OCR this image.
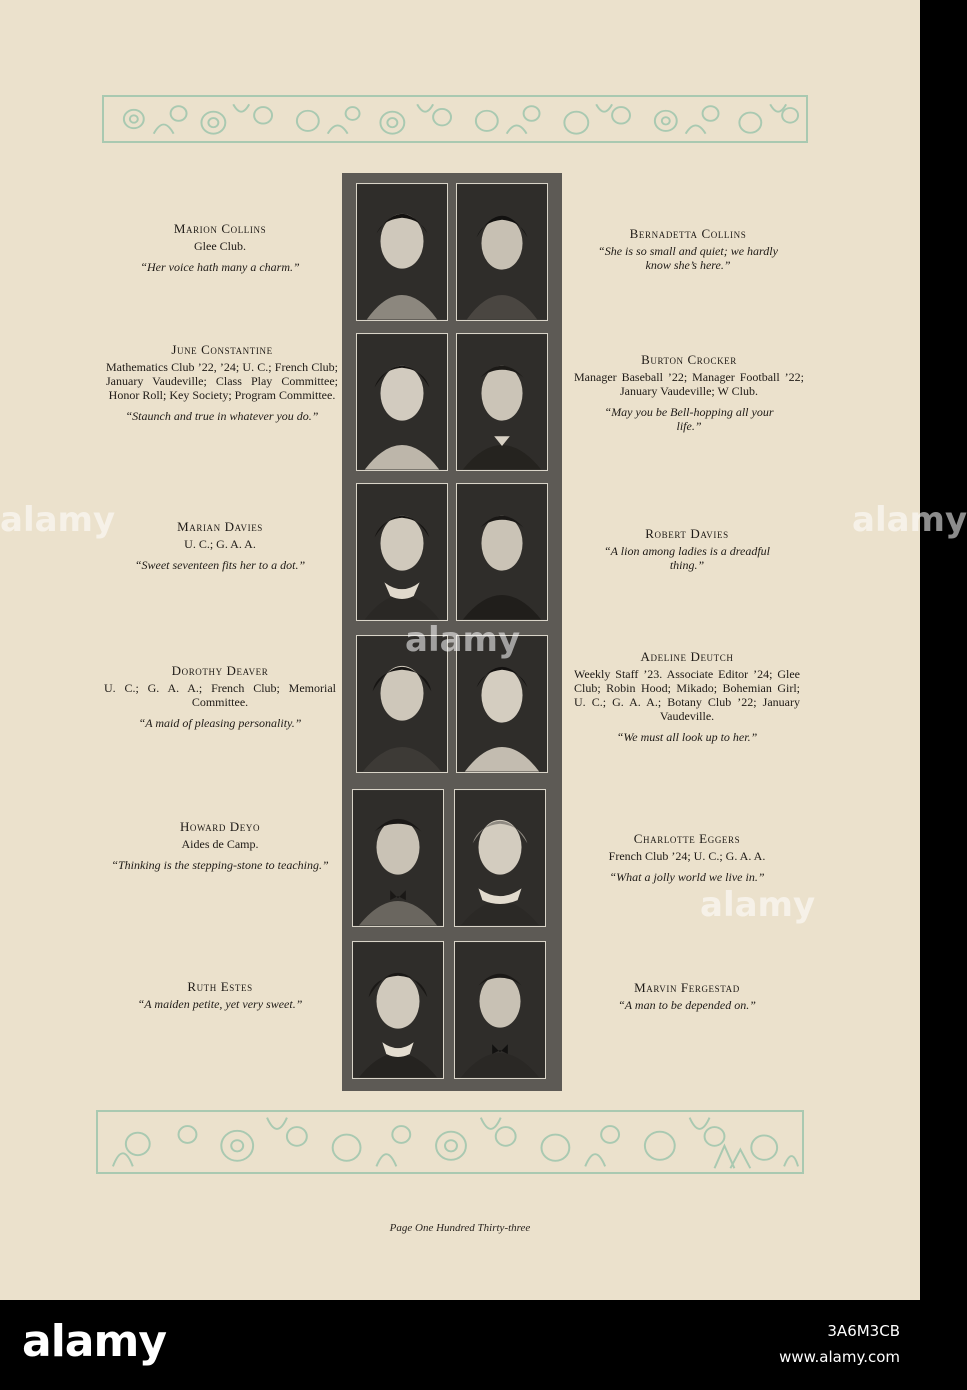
Marion Collins
Glee Club.
“Her voice hath many a charm.”
June Constantine
Mathematics Club ’22, ’24; U. C.; French Club; January Vaudeville; Class Play Committee; Honor Roll; Key Society; Program Committee.
“Staunch and true in whatever you do.”
Marian Davies
U. C.; G. A. A.
“Sweet seventeen fits her to a dot.”
Dorothy Deaver
U. C.; G. A. A.; French Club; Memorial Committee.
“A maid of pleasing personality.”
Howard Deyo
Aides de Camp.
“Thinking is the stepping-stone to teaching.”
Ruth Estes
“A maiden petite, yet very sweet.”
Bernadetta Collins
“She is so small and quiet; we hardly know she’s here.”
Burton Crocker
Manager Baseball ’22; Manager Football ’22; January Vaudeville; W Club.
“May you be Bell-hopping all your life.”
Robert Davies
“A lion among ladies is a dreadful thing.”
Adeline Deutch
Weekly Staff ’23. Associate Editor ’24; Glee Club; Robin Hood; Mikado; Bohemian Girl; U. C.; G. A. A.; Botany Club ’22; January Vaudeville.
“We must all look up to her.”
Charlotte Eggers
French Club ’24; U. C.; G. A. A.
“What a jolly world we live in.”
Marvin Fergestad
“A man to be depended on.”
Page One Hundred Thirty-three
alamy
alamy
alamy
alamy
alamy	3A6M3CB
www.alamy.com
